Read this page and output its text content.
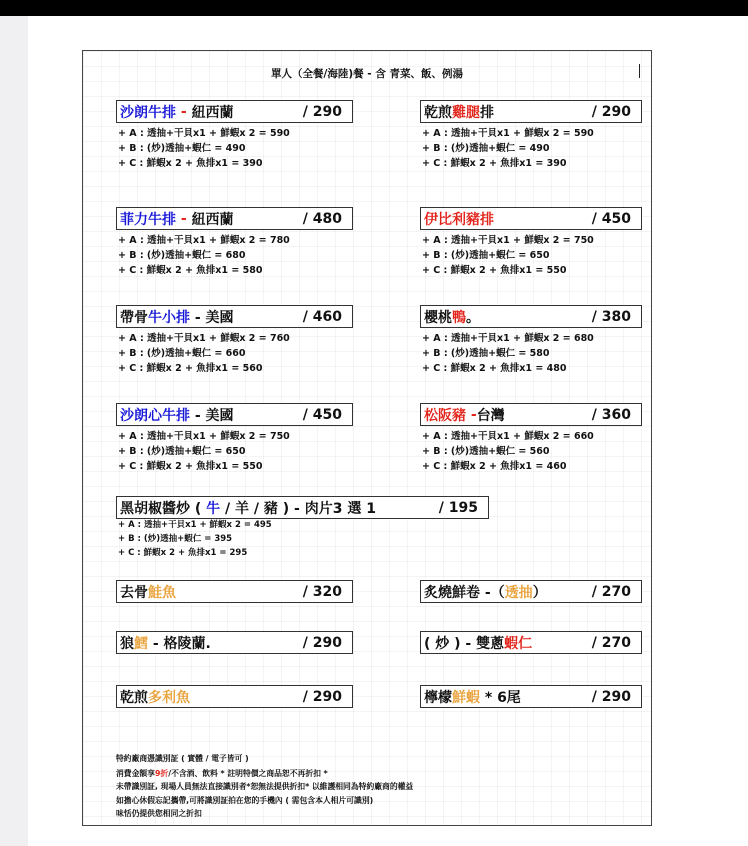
單人（全餐/海陸)餐 - 含 青菜、飯、例湯
沙朗牛排 - 紐西蘭	/ 290
+ A : 透抽+干貝x1 + 鮮蝦x 2 = 590
+ B : (炒)透抽+蝦仁 = 490
+ C : 鮮蝦x 2 + 魚排x1 = 390
乾煎 雞腿 排	/ 290
+ A : 透抽+干貝x1 + 鮮蝦x 2 = 590
+ B : (炒)透抽+蝦仁 = 490
+ C : 鮮蝦x 2 + 魚排x1 = 390
菲力牛排 - 紐西蘭	/ 480
+ A : 透抽+干貝x1 + 鮮蝦x 2 = 780
+ B : (炒)透抽+蝦仁 = 680
+ C : 鮮蝦x 2 + 魚排x1 = 580
伊比利豬排	/ 450
+ A : 透抽+干貝x1 + 鮮蝦x 2 = 750
+ B : (炒)透抽+蝦仁 = 650
+ C : 鮮蝦x 2 + 魚排x1 = 550
帶骨 牛小排 - 美國	/ 460
+ A : 透抽+干貝x1 + 鮮蝦x 2 = 760
+ B : (炒)透抽+蝦仁 = 660
+ C : 鮮蝦x 2 + 魚排x1 = 560
櫻桃 鴨 。	/ 380
+ A : 透抽+干貝x1 + 鮮蝦x 2 = 680
+ B : (炒)透抽+蝦仁 = 580
+ C : 鮮蝦x 2 + 魚排x1 = 480
沙朗心牛排 - 美國	/ 450
+ A : 透抽+干貝x1 + 鮮蝦x 2 = 750
+ B : (炒)透抽+蝦仁 = 650
+ C : 鮮蝦x 2 + 魚排x1 = 550
松阪豬 - 台灣	/ 360
+ A : 透抽+干貝x1 + 鮮蝦x 2 = 660
+ B : (炒)透抽+蝦仁 = 560
+ C : 鮮蝦x 2 + 魚排x1 = 460
黑胡椒醬炒 ( 牛 / 羊 / 豬 ) - 肉片3 選 1	/ 195
+ A : 透抽+干貝x1 + 鮮蝦x 2 = 495
+ B : (炒)透抽+蝦仁 = 395
+ C : 鮮蝦x 2 + 魚排x1 = 295
去骨 鮭魚	/ 320	炙燒鮮卷 -（ 透抽 ）	/ 270
狼 鱈 - 格陵蘭.	/ 290	( 炒 ) - 雙蔥 蝦仁	/ 270
乾煎 多利魚	/ 290	檸檬 鮮蝦 * 6尾	/ 290
特約廠商憑識別証 ( 實體 / 電子皆可 )
消費金額享9折/不含酒、飲料 * 註明特價之商品恕不再折扣 *
未帶識別証, 現場人員無法直接識別者*恕無法提供折扣* 以維護相同為特約廠商的權益
如擔心休假忘記攜帶,可將識別証拍在您的手機內 ( 需包含本人相片可識別)
味恬仍提供您相同之折扣
